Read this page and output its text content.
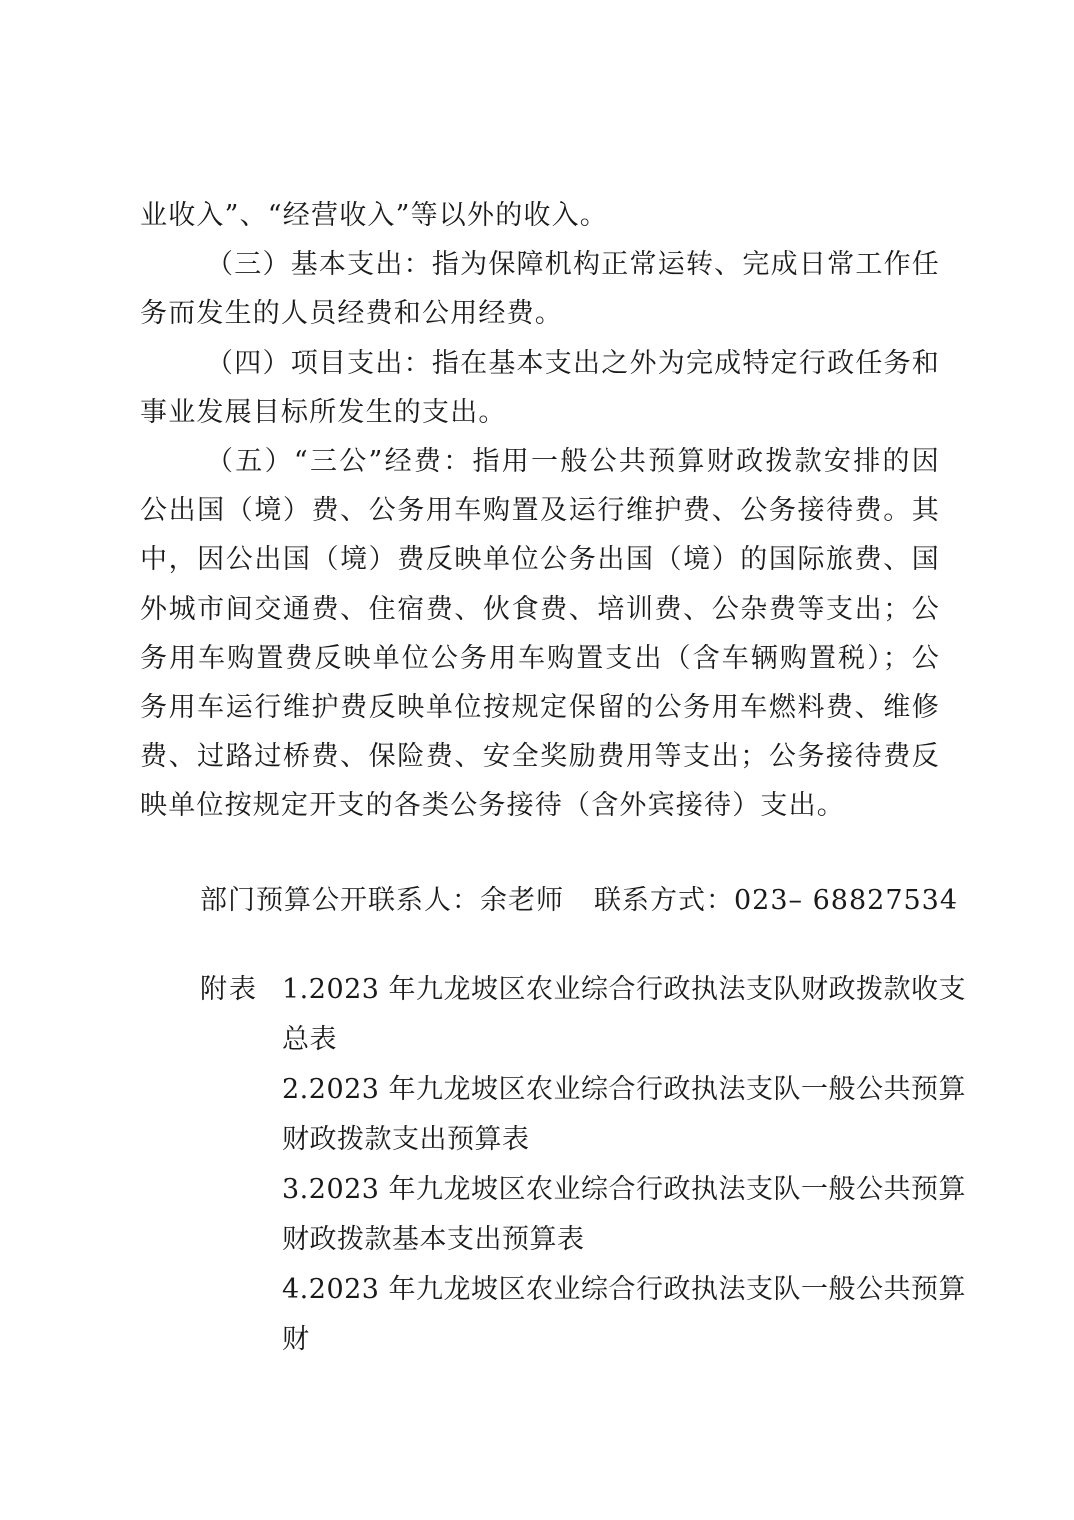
业收入”、“经营收入”等以外的收入。

（三）基本支出：指为保障机构正常运转、完成日常工作任务而发生的人员经费和公用经费。

（四）项目支出：指在基本支出之外为完成特定行政任务和事业发展目标所发生的支出。

（五）“三公”经费：指用一般公共预算财政拨款安排的因公出国（境）费、公务用车购置及运行维护费、公务接待费。其中，因公出国（境）费反映单位公务出国（境）的国际旅费、国外城市间交通费、住宿费、伙食费、培训费、公杂费等支出；公务用车购置费反映单位公务用车购置支出（含车辆购置税）；公务用车运行维护费反映单位按规定保留的公务用车燃料费、维修费、过路过桥费、保险费、安全奖励费用等支出；公务接待费反映单位按规定开支的各类公务接待（含外宾接待）支出。

部门预算公开联系人：余老师 联系方式：023– 68827534
附表 1.2023 年九龙坡区农业综合行政执法支队财政拨款收支总表

2.2023 年九龙坡区农业综合行政执法支队一般公共预算财政拨款支出预算表

3.2023 年九龙坡区农业综合行政执法支队一般公共预算财政拨款基本支出预算表

4.2023 年九龙坡区农业综合行政执法支队一般公共预算财
